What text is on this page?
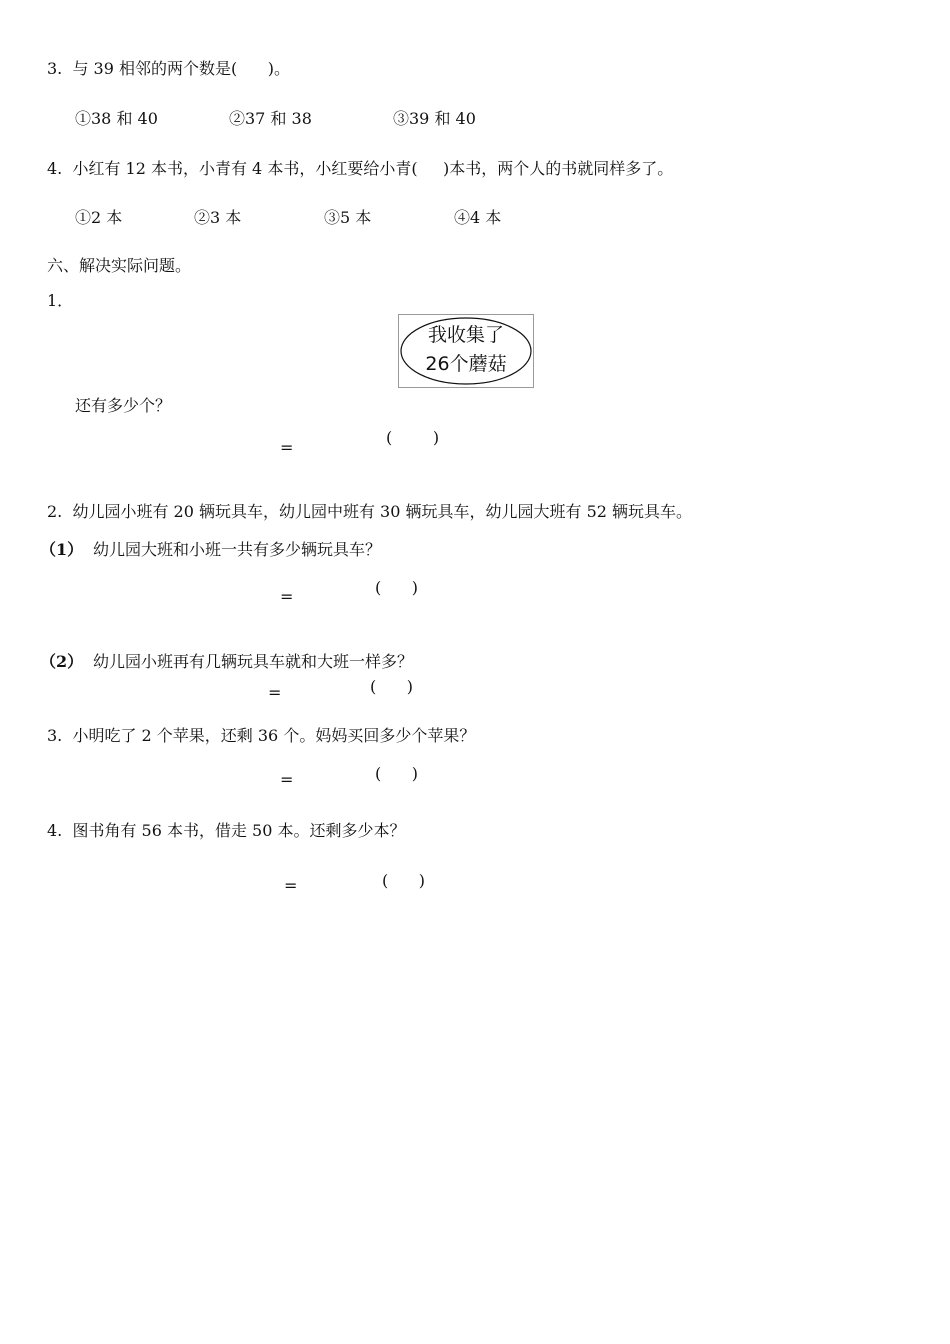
3.  与 39 相邻的两个数是(      )。
①38 和 40	②37 和 38	③39 和 40
4.  小红有 12 本书，小青有 4 本书，小红要给小青(     )本书，两个人的书就同样多了。
①2 本	②3 本	③5 本	④4 本
六、解决实际问题。
1．
我收集了
26个蘑菇
还有多少个？
=
(        )
2.  幼儿园小班有 20 辆玩具车，幼儿园中班有 30 辆玩具车，幼儿园大班有 52 辆玩具车。
（1） 幼儿园大班和小班一共有多少辆玩具车？
=	(      )
（2） 幼儿园小班再有几辆玩具车就和大班一样多？
=	(      )
3.  小明吃了 2 个苹果，还剩 36 个。妈妈买回多少个苹果？
=	(      )
4.  图书角有 56 本书，借走 50 本。还剩多少本？
=	(      )
